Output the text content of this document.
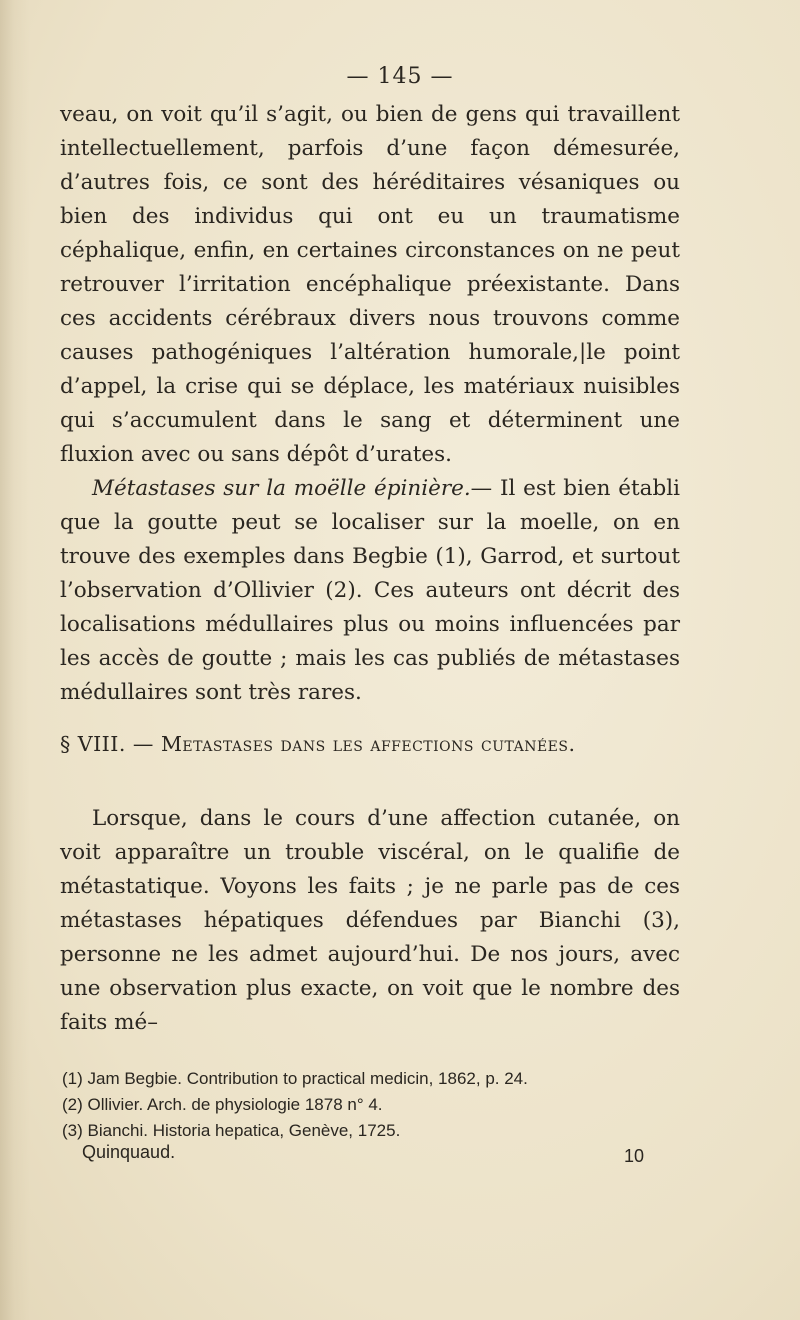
— 145 —

veau, on voit qu’il s’agit, ou bien de gens qui travaillent intellectuellement, parfois d’une façon démesurée, d’autres fois, ce sont des héréditaires vésaniques ou bien des individus qui ont eu un traumatisme céphalique, enfin, en certaines circonstances on ne peut retrouver l’irritation encéphalique préexistante. Dans ces accidents cérébraux divers nous trouvons comme causes pathogéniques l’altération humorale,|le point d’appel, la crise qui se déplace, les matériaux nuisibles qui s’accumulent dans le sang et déterminent une fluxion avec ou sans dépôt d’urates.

Métastases sur la moëlle épinière.— Il est bien établi que la goutte peut se localiser sur la moelle, on en trouve des exemples dans Begbie (1), Garrod, et surtout l’observation d’Ollivier (2). Ces auteurs ont décrit des localisations médullaires plus ou moins influencées par les accès de goutte ; mais les cas publiés de métastases médullaires sont très rares.

§ VIII. — Metastases dans les affections cutanées.

Lorsque, dans le cours d’une affection cutanée, on voit apparaître un trouble viscéral, on le qualifie de métastatique. Voyons les faits ; je ne parle pas de ces métastases hépatiques défendues par Bianchi (3), personne ne les admet aujourd’hui. De nos jours, avec une observation plus exacte, on voit que le nombre des faits mé–

(1) Jam Begbie. Contribution to practical medicin, 1862, p. 24.
(2) Ollivier. Arch. de physiologie 1878 n° 4.
(3) Bianchi. Historia hepatica, Genève, 1725.
Quinquaud.	10
